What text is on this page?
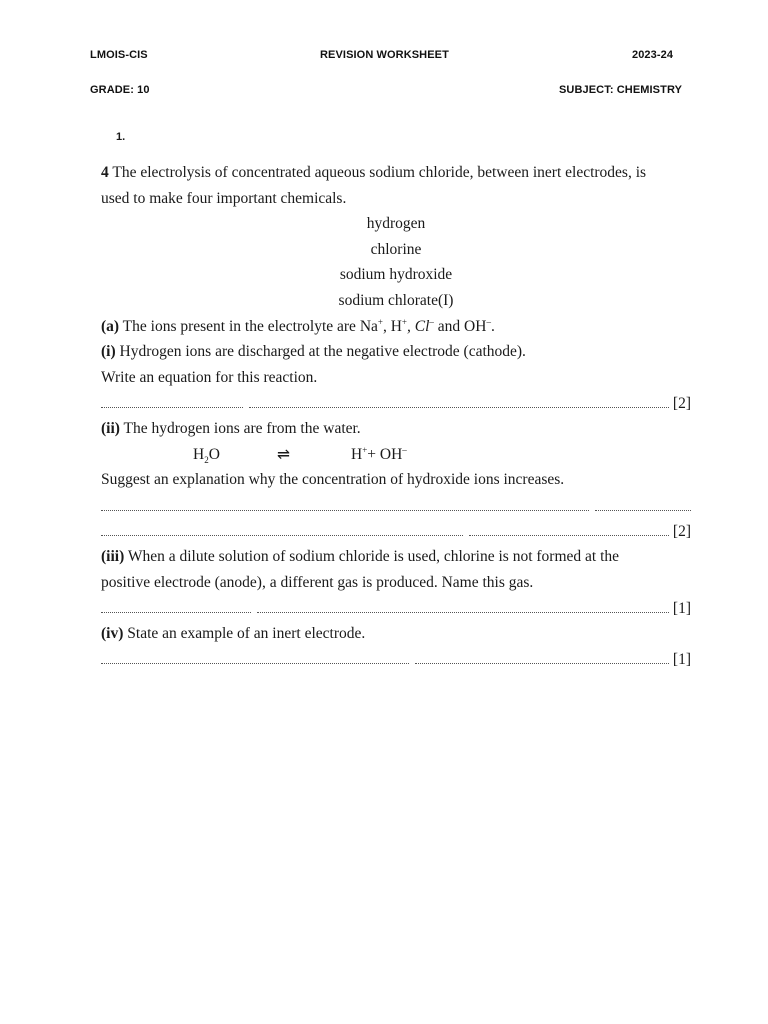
LMOIS-CIS	REVISION WORKSHEET	2023-24
GRADE: 10	SUBJECT: CHEMISTRY
1.
4 The electrolysis of concentrated aqueous sodium chloride, between inert electrodes, is
used to make four important chemicals.
hydrogen
chlorine
sodium hydroxide
sodium chlorate(I)
(a) The ions present in the electrolyte are Na+, H+, Cl– and OH–.
(i) Hydrogen ions are discharged at the negative electrode (cathode).
Write an equation for this reaction.
[2]
(ii) The hydrogen ions are from the water.
$H_2O$	⇌	H++ OH–
Suggest an explanation why the concentration of hydroxide ions increases.
[2]
(iii) When a dilute solution of sodium chloride is used, chlorine is not formed at the
positive electrode (anode), a different gas is produced. Name this gas.
[1]
(iv) State an example of an inert electrode.
[1]
